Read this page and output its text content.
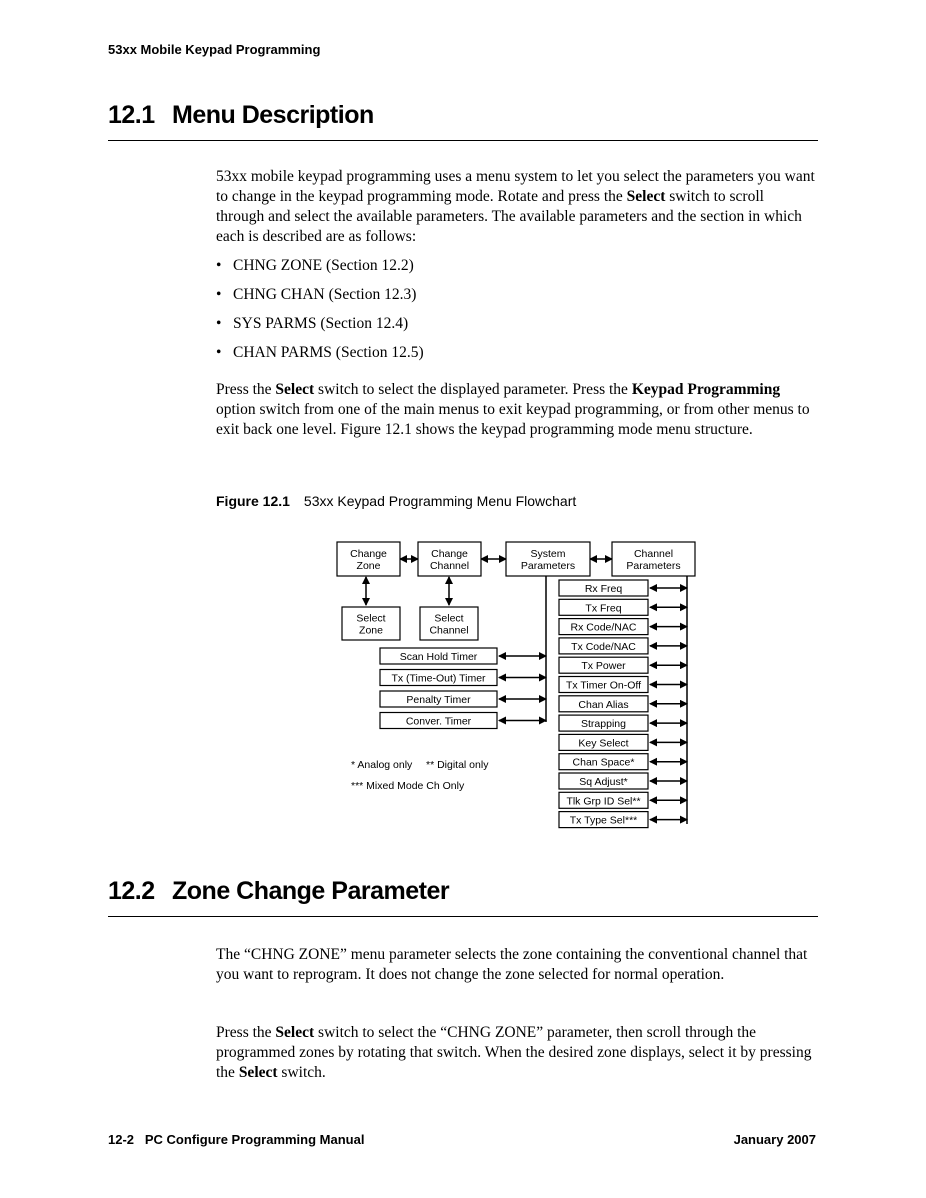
53xx Mobile Keypad Programming
12.1 Menu Description
53xx mobile keypad programming uses a menu system to let you select the parameters you want to change in the keypad programming mode. Rotate and press the Select switch to scroll through and select the available parameters. The available parameters and the section in which each is described are as follows:
• CHNG ZONE (Section 12.2)
• CHNG CHAN (Section 12.3)
• SYS PARMS (Section 12.4)
• CHAN PARMS (Section 12.5)
Press the Select switch to select the displayed parameter. Press the Keypad Programming option switch from one of the main menus to exit keypad programming, or from other menus to exit back one level. Figure 12.1 shows the keypad programming mode menu structure.
Figure 12.1 53xx Keypad Programming Menu Flowchart
Change
Zone
Change
Channel
System
Parameters
Channel
Parameters
Select
Zone
Select
Channel
Scan Hold Timer
Tx (Time-Out) Timer
Penalty Timer
Conver. Timer
Rx Freq
Tx Freq
Rx Code/NAC
Tx Code/NAC
Tx Power
Tx Timer On-Off
Chan Alias
Strapping
Key Select
Chan Space*
Sq Adjust*
Tlk Grp ID Sel**
Tx Type Sel***
* Analog only ** Digital only
*** Mixed Mode Ch Only
12.2 Zone Change Parameter
The “CHNG ZONE” menu parameter selects the zone containing the conventional channel that you want to reprogram. It does not change the zone selected for normal operation.
Press the Select switch to select the “CHNG ZONE” parameter, then scroll through the programmed zones by rotating that switch. When the desired zone displays, select it by pressing the Select switch.
12-2 PC Configure Programming Manual	January 2007
